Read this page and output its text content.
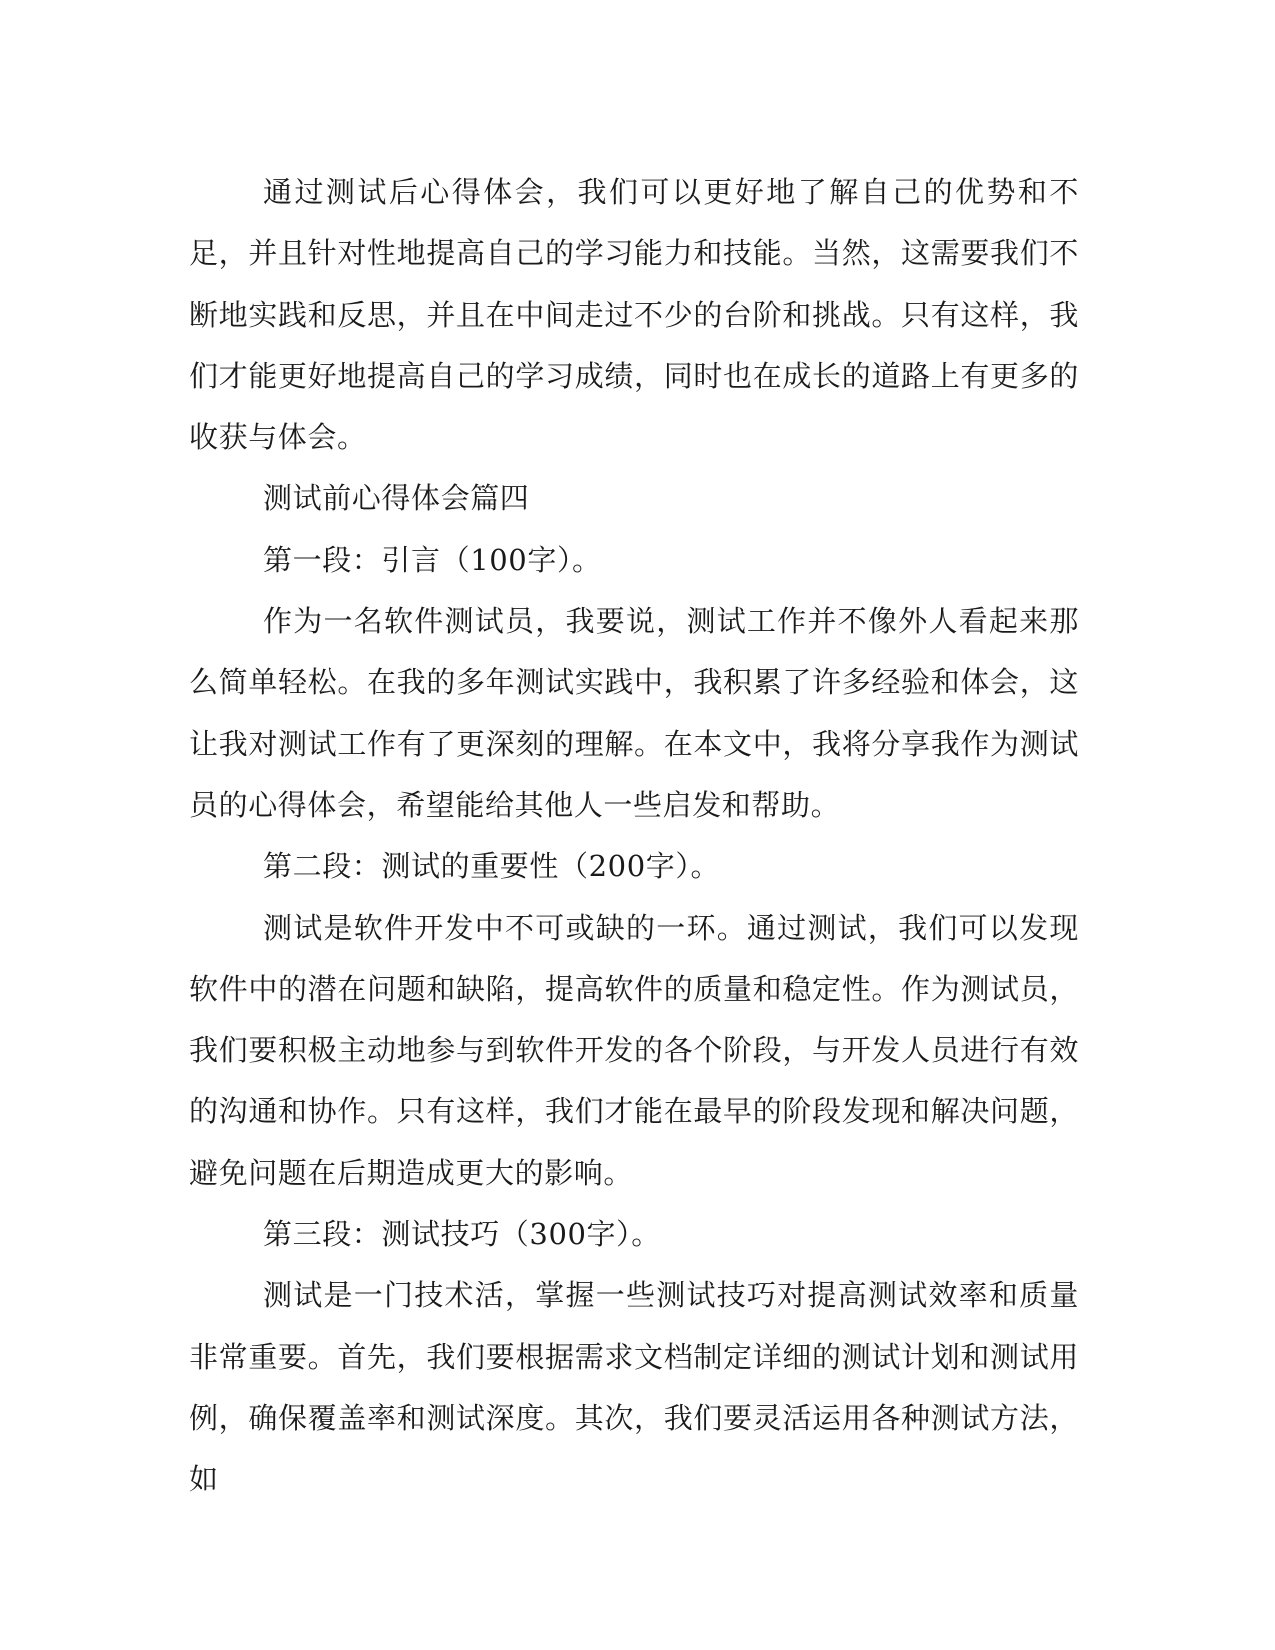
通过测试后心得体会，我们可以更好地了解自己的优势和不足，并且针对性地提高自己的学习能力和技能。当然，这需要我们不断地实践和反思，并且在中间走过不少的台阶和挑战。只有这样，我们才能更好地提高自己的学习成绩，同时也在成长的道路上有更多的收获与体会。

测试前心得体会篇四

第一段：引言（100字）。

作为一名软件测试员，我要说，测试工作并不像外人看起来那么简单轻松。在我的多年测试实践中，我积累了许多经验和体会，这让我对测试工作有了更深刻的理解。在本文中，我将分享我作为测试员的心得体会，希望能给其他人一些启发和帮助。

第二段：测试的重要性（200字）。

测试是软件开发中不可或缺的一环。通过测试，我们可以发现软件中的潜在问题和缺陷，提高软件的质量和稳定性。作为测试员，我们要积极主动地参与到软件开发的各个阶段，与开发人员进行有效的沟通和协作。只有这样，我们才能在最早的阶段发现和解决问题，避免问题在后期造成更大的影响。

第三段：测试技巧（300字）。

测试是一门技术活，掌握一些测试技巧对提高测试效率和质量非常重要。首先，我们要根据需求文档制定详细的测试计划和测试用例，确保覆盖率和测试深度。其次，我们要灵活运用各种测试方法，如
